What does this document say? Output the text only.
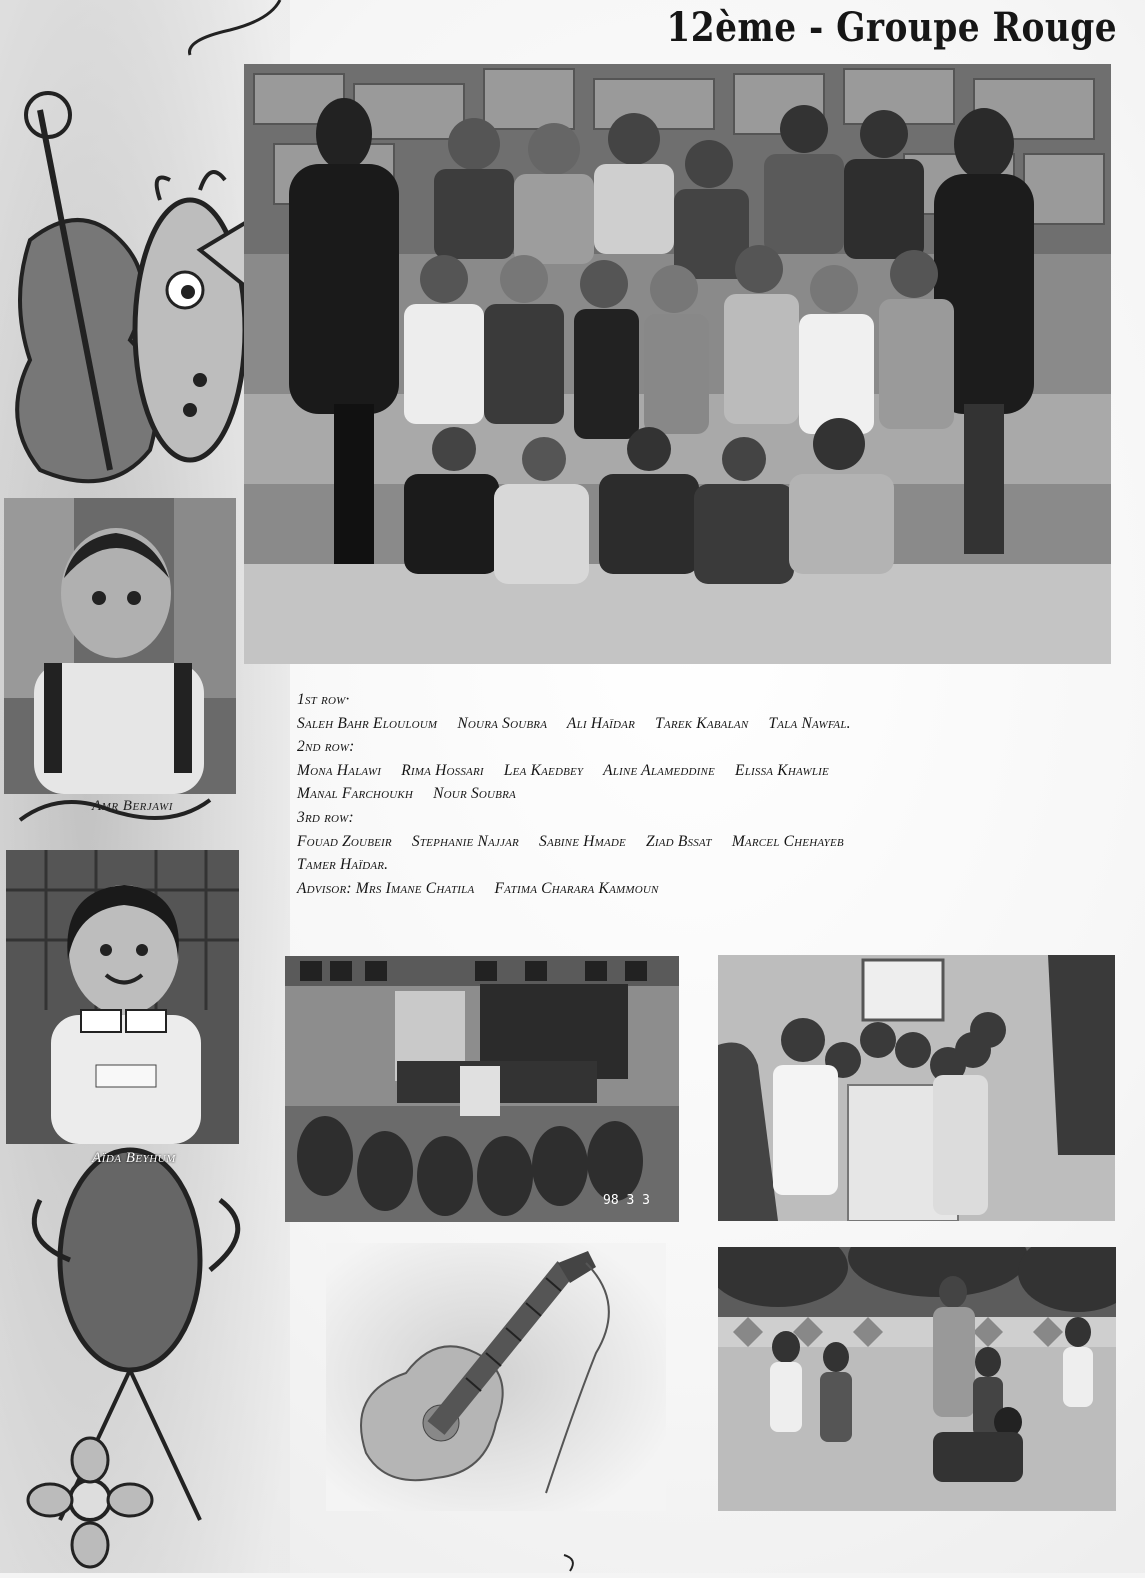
12ème - Groupe Rouge
Amr Berjawi
Aïda Beyhum
1st row·
Saleh Bahr Elouloum Noura Soubra Ali Haïdar Tarek Kabalan Tala Nawfal.
2nd row:
Mona Halawi Rima Hossari Lea Kaedbey Aline Alameddine Elissa Khawlie
Manal Farchoukh Nour Soubra
3rd row:
Fouad Zoubeir Stephanie Najjar Sabine Hmade Ziad Bssat Marcel Chehayeb
Tamer Haïdar.
Advisor: Mrs Imane Chatila Fatima Charara Kammoun
98 3 3
